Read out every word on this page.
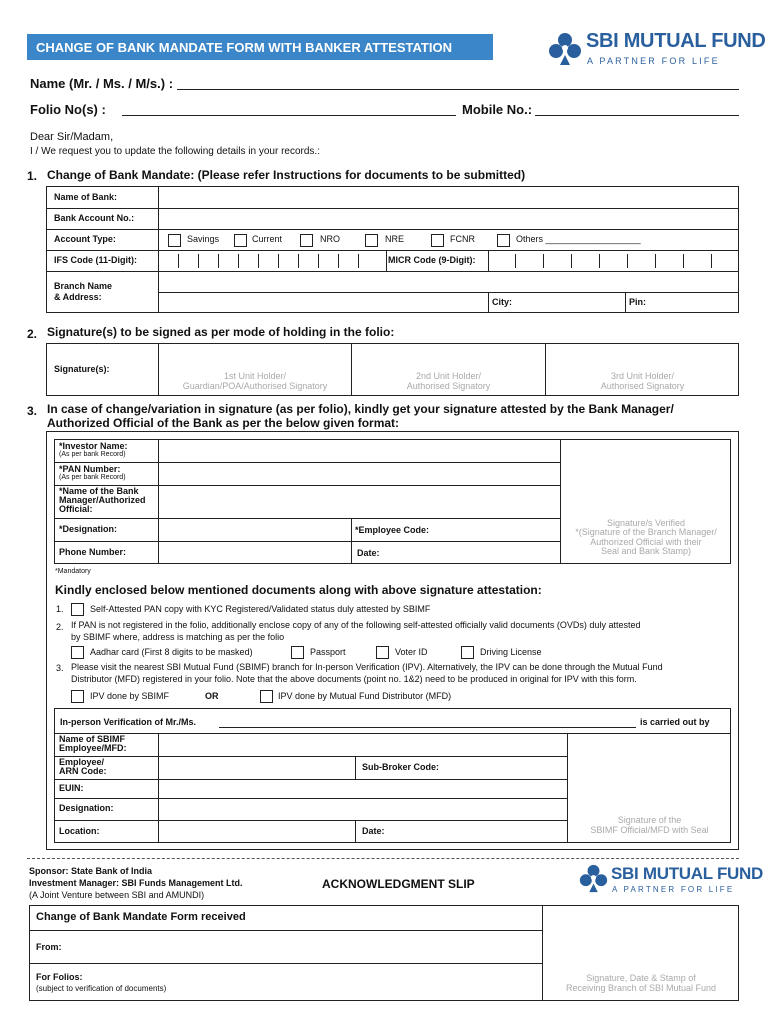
CHANGE OF BANK MANDATE FORM WITH BANKER ATTESTATION	SBI MUTUAL FUND
A PARTNER FOR LIFE
Name (Mr. / Ms. / M/s.) :
Folio No(s) :	Mobile No.:
Dear Sir/Madam,
I / We request you to update the following details in your records.:
1. Change of Bank Mandate: (Please refer Instructions for documents to be submitted)
Name of Bank:
Bank Account No.:
Account Type:	Savings	Current	NRO	NRE	FCNR	Others ___________________
IFS Code (11-Digit):	MICR Code (9-Digit):
Branch Name
& Address:	City:	Pin:
2. Signature(s) to be signed as per mode of holding in the folio:
Signature(s):
1st Unit Holder/
Guardian/POA/Authorised Signatory
2nd Unit Holder/
Authorised Signatory
3rd Unit Holder/
Authorised Signatory
3. In case of change/variation in signature (as per folio), kindly get your signature attested by the Bank Manager/
Authorized Official of the Bank as per the below given format:
*Investor Name:
(As per bank Record)
*PAN Number:
(As per bank Record)
*Name of the Bank
Manager/Authorized
Official:
*Designation:	*Employee Code:
Phone Number:	Date:
Signature/s Verified
*(Signature of the Branch Manager/
Authorized Official with their
Seal and Bank Stamp)
*Mandatory
Kindly enclosed below mentioned documents along with above signature attestation:
1.	Self-Attested PAN copy with KYC Registered/Validated status duly attested by SBIMF
2. If PAN is not registered in the folio, additionally enclose copy of any of the following self-attested officially valid documents (OVDs) duly attested
by SBIMF where, address is matching as per the folio
Aadhar card (First 8 digits to be masked)	Passport	Voter ID	Driving License
3. Please visit the nearest SBI Mutual Fund (SBIMF) branch for In-person Verification (IPV). Alternatively, the IPV can be done through the Mutual Fund
Distributor (MFD) registered in your folio. Note that the above documents (point no. 1&2) need to be produced in original for IPV with this form.
IPV done by SBIMF	OR	IPV done by Mutual Fund Distributor (MFD)
In-person Verification of Mr./Ms.	is carried out by
Name of SBIMF
Employee/MFD:
Employee/
ARN Code:	Sub-Broker Code:
EUIN:
Designation:
Location:	Date:
Signature of the
SBIMF Official/MFD with Seal
Sponsor: State Bank of India
Investment Manager: SBI Funds Management Ltd.
(A Joint Venture between SBI and AMUNDI)
ACKNOWLEDGMENT SLIP
SBI MUTUAL FUND
A PARTNER FOR LIFE
Change of Bank Mandate Form received
From:
For Folios:
(subject to verification of documents)
Signature, Date & Stamp of
Receiving Branch of SBI Mutual Fund
